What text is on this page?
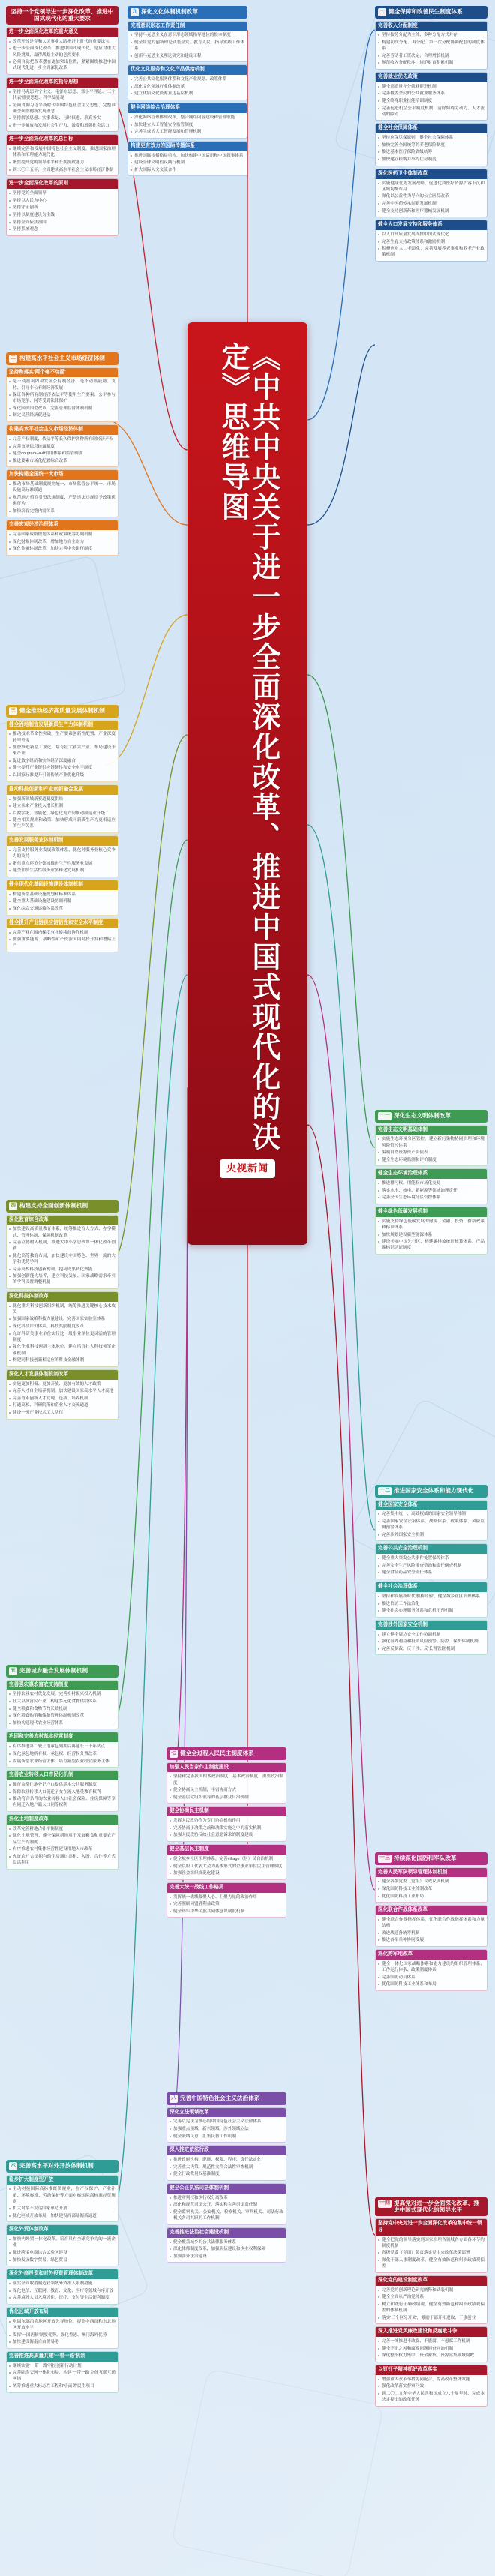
《中共中央关于进一步全面深化改革、推进中国式现代化的决定》思维导图
央视新闻
坚持一个党领导进一步深化改革、推进中国式现代化的重大要求
进一步全面深化改革的重大意义
改革开放是党和人民事业大踏步赶上时代的重要法宝
进一步全面深化改革、推进中国式现代化，是应对重大风险挑战、赢得战略主动的必然要求
必须自觉把改革摆在更加突出位置，紧紧围绕推进中国式现代化进一步全面深化改革
进一步全面深化改革的指导思想
坚持马克思列宁主义、毛泽东思想、邓小平理论、'三个代表'重要思想、科学发展观
全面贯彻习近平新时代中国特色社会主义思想，完整准确全面贯彻新发展理念
坚持解放思想、实事求是、与时俱进、求真务实
进一步解放和发展社会生产力、激发和增强社会活力
进一步全面深化改革的总目标
继续完善和发展中国特色社会主义制度，推进国家治理体系和治理能力现代化
聚焦提高党的领导水平和长期执政能力
到二〇三五年，全面建成高水平社会主义市场经济体制
进一步全面深化改革的原则
坚持党的全面领导
坚持以人民为中心
坚持守正创新
坚持以制度建设为主线
坚持全面依法治国
坚持系统观念
二 构建高水平社会主义市场经济体制
坚持和落实'两个毫不动摇'
毫不动摇巩固和发展公有制经济，毫不动摇鼓励、支持、引导非公有制经济发展
保证各种所有制经济依法平等使用生产要素、公平参与市场竞争、同等受到法律保护
深化国资国企改革，完善管理监督体制机制
制定民营经济促进法
构建高水平社会主义市场经济体制
完善产权制度，依法平等长久保护各种所有制经济产权
完善市场信息披露制度
健全социальный信用体系和监管制度
推进要素市场化配置综合改革
加快构建全国统一大市场
推动市场基础制度规则统一、市场监管公平统一、市场设施高标准联通
规范地方招商引资法规制度，严禁违法违规给予政策优惠行为
加快培育完整内需体系
完善宏观经济治理体系
完善国家战略规划体系和政策统筹协调机制
深化财税体制改革，增加地方自主财力
深化金融体制改革，加快完善中央银行制度
三 健全推动经济高质量发展体制机制
健全因地制宜发展新质生产力体制机制
推动技术革命性突破、生产要素创新性配置、产业深度转型升级
加快推进新型工业化，培育壮大新兴产业、布局建设未来产业
促进数字经济和实体经济深度融合
健全提升产业链供应链韧性和安全水平制度
以国家标准提升引领传统产业优化升级
推动科技创新和产业创新融合发展
加强新领域新赛道制度供给
建立未来产业投入增长机制
以数字化、智能化、绿色化为方向推动制造业升级
健全相关规则和政策，加快形成同新质生产力更相适应的生产关系
完善发展服务业体制机制
完善支持服务业发展政策体系，优化对服务业核心竞争力的支持
聚焦重点环节分领域推进生产性服务业发展
健全加快生活性服务业多样化发展机制
健全现代化基础设施建设体制机制
构建新型基础设施规划和标准体系
健全重大基础设施建设协调机制
深化综合交通运输体系改革
健全提升产业链供应链韧性和安全水平制度
完善产业在国内梯度有序转移的协作机制
加强重要能源、战略性矿产资源国内勘探开发和增储上产
四 构建支持全面创新体制机制
深化教育综合改革
加快建设高质量教育体系，统筹推进育人方式、办学模式、管理体制、保障机制改革
完善立德树人机制，推进大中小学思政课一体化改革创新
优化高等教育布局，加快建设中国特色、世界一流的大学和优势学科
完善高校科技创新机制，提高成果转化效能
加强创新能力培养，建立科技发展、国家战略需求牵引的学科设置调整机制
深化科技体制改革
优化重大科技创新组织机制，统筹推进关键核心技术攻关
加强国家战略科技力量建设，完善国家实验室体系
深化科技评价体系、科技奖励制度改革
允许科研类事业单位实行比一般事业单位更灵活的管理制度
强化企业科技创新主体地位，建立培育壮大科技领军企业机制
构建同科技创新相适应的科技金融体制
深化人才发展体制机制改革
实施更加积极、更加开放、更加有效的人才政策
完善人才自主培养机制，加快建设国家高水平人才高地
完善青年创新人才发现、选拔、培养机制
打通高校、科研院所和企业人才交流通道
建设一流产业技术工人队伍
五 完善城乡融合发展体制机制
完善强农惠农富农支持制度
坚持农业农村优先发展，完善乡村振兴投入机制
壮大县域富民产业，构建多元化食物供给体系
健全粮食和食物节约长效机制
深化粮食购销和储备管理体制机制改革
加快构建现代农业经营体系
巩固和完善农村基本经营制度
有序推进第二轮土地承包到期后再延长三十年试点
深化承包地所有权、承包权、经营权分置改革
发展新型农业经营主体，培育新型农业经营服务主体
完善农业转移人口市民化机制
推行由常住地登记户口提供基本公共服务制度
保障农业转移人口随迁子女在流入地受教育权利
推动符合条件的农业转移人口社会保险、住房保障等享有同迁入地户籍人口同等权利
深化土地制度改革
改革完善耕地占补平衡制度
优化土地管理，健全保障耕地用于发展粮食和重要农产品生产的制度
有序推进农村集体经营性建设用地入市改革
允许农户合法拥有的住房通过出租、入股、合作等方式盘活利用
六 完善高水平对外开放体制机制
稳步扩大制度型开放
主动对接国际高标准经贸规则，在产权保护、产业补贴、环境标准、劳动保护等方面对标国际高标准经贸规则
扩大对最不发达国家单边开放
优化区域开放布局，加快建设西部陆海新通道
深化外贸体制改革
加快内外贸一体化改革，培育具有全球竞争力的一流企业
推进跨境电商综合试验区建设
加快发展数字贸易、绿色贸易
深化外商投资和对外投资管理体制改革
落实全面取消制造业领域外资准入限制措施
深化电信、互联网、教育、文化、医疗等领域有序开放
完善境外人员入境居住、医疗、支付等生活便利制度
优化区域开放布局
巩固东部沿海地区开放先导地位，提高中西部和东北地区开放水平
发挥'一国两制'制度优势，强化香港、澳门海外优势
加快建设海南自由贸易港
完善推进高质量共建'一带一路'机制
继续实施'一带一路'科技创新行动计划
完善陆海天网一体化布局，构建'一带一路'立体互联互通网络
统筹推进重大标志性工程和'小而美'民生项目
七 健全全过程人民民主制度体系
加强人民当家作主制度建设
坚持和完善我国根本政治制度、基本政治制度、重要政治制度
健全协商民主机制，丰富协商方式
健全基层党组织领导的基层群众自治机制
健全协商民主机制
发挥人民政协作为专门协商机构作用
完善协商于决策之前和决策实施之中的落实机制
加强人民政协反映社会意愿诉求的制度建设
健全基层民主制度
健全城乡社区治理体系，完善village（居）民自治机制
健全以职工代表大会为基本形式的企事业单位民主管理制度
加强社会组织规范化建设
完善大统一战线工作格局
发挥统一战线凝聚人心、汇聚力量的政治作用
完善照顾同盟者利益政策
健全铸牢中华民族共同体意识制度机制
八 完善中国特色社会主义法治体系
深化立法领域改革
完善以宪法为核心的中国特色社会主义法律体系
加强重点领域、新兴领域、涉外领域立法
健全吸纳民意、汇集民智工作机制
深入推进依法行政
推进政府机构、职能、权限、程序、责任法定化
完善重大决策、规范性文件合法性审查机制
健全行政裁量权基准制度
健全公正执法司法体制机制
推进审判权和执行权分离改革
深化和规范司法公开，落实和完善司法责任制
健全监察机关、公安机关、检察机关、审判机关、司法行政机关各司其职的工作机制
完善推进法治社会建设机制
健全覆盖城乡的公共法律服务体系
深化律师制度改革，加强队伍建设和执业权利保障
加强涉外法治建设
九 深化文化体制机制改革
完善意识形态工作责任制
坚持马克思主义在意识形态领域指导地位的根本制度
健全用党的创新理论武装全党、教育人民、指导实践工作体系
创新马克思主义理论研究和建设工程
优化文化服务和文化产品供给机制
完善公共文化服务体系和文化产业规划、政策体系
深化文化领域行业体制改革
建立优质文化资源直达基层机制
健全网络综合治理体系
深化网络管理体制改革，整合网络内容建设和管理职能
加快建立人工智能安全监管制度
完善生成式人工智能发展和管理机制
构建更有效力的国际传播体系
推进国际传播格局重构，加快构建中国话语和中国叙事体系
建设全球文明倡议践行机制
扩大国际人文交流合作
十 健全保障和改善民生制度体系
完善收入分配制度
坚持按劳分配为主体、多种分配方式并存
构建初次分配、再分配、第三次分配协调配套的制度体系
完善劳动者工资决定、合理增长机制
规范收入分配秩序，规范财富积累机制
完善就业优先政策
健全高质量充分就业促进机制
完善覆盖全民的公共就业服务体系
健全终身职业技能培训制度
完善促进机会公平制度机制，清除妨碍劳动力、人才流动的障碍
健全社会保障体系
坚持应保尽保原则，健全社会保障体系
加快完善全国统筹的养老保险制度
推进基本医疗保险省级统筹
加快建立租购并举的住房制度
深化医药卫生体制改革
实施健康优先发展战略，促进优质医疗资源扩容下沉和区域均衡布局
深化以公益性为导向的公立医院改革
完善中医药传承创新发展机制
健全支持创新药和医疗器械发展机制
健全人口发展支持和服务体系
以人口高质量发展支撑中国式现代化
完善生育支持政策体系和激励机制
积极应对人口老龄化，完善发展养老事业和养老产业政策机制
十一 深化生态文明体制改革
完善生态文明基础体制
实施生态环境分区管控，建立新污染物协同治理和环境风险管控体系
编制自然资源资产负债表
健全生态环境监测和评价制度
健全生态环境治理体系
推进排污权、用能权市场化交易
落实水电、核电、新能源等领域治理责任
完善全国生态环境分区管控体系
健全绿色低碳发展机制
实施支持绿色低碳发展的财税、金融、投资、价格政策和标准体系
加快规划建设新型能源体系
建设美丽中国先行区，构建碳排放统计核算体系、产品碳标识认证制度
十二 推进国家安全体系和能力现代化
健全国家安全体系
完善集中统一、高效权威的国家安全领导体制
完善国家安全法治体系、战略体系、政策体系、风险监测预警体系
完善涉外国家安全机制
完善公共安全治理机制
健全重大突发公共事件处置保障体系
完善安全生产风险排查整治和责任倒查机制
健全食品药品安全责任体系
健全社会治理体系
坚持和发展新时代'枫桥经验'，健全城乡社区治理体系
推进信访工作法治化
健全社会心理服务体系和危机干预机制
完善涉外国家安全机制
建立健全周边安全工作协调机制
强化海外利益和投资风险预警、防控、保护体制机制
完善反制裁、反干涉、反'长臂管辖'机制
十三 持续深化国防和军队改革
完善人民军队领导管理体制机制
健全各级党委（党组）议战议训机制
深化国防科技工业体制改革
优化国防科技工业布局
深化联合作战体系改革
健全联合作战指挥体系，优化联合作战指挥体系和力量结构
改进战建备统筹机制
推进各军兵种协同发展
深化跨军地改革
健全一体化国家战略体系和能力建设的组织管理体系、工作运行体系、政策制度体系
完善国防动员体系
优化国防科技工业体系和布局
十四 提高党对进一步全面深化改革、推进中国式现代化的领导水平
坚持党中央对进一步全面深化改革的集中统一领导
健全把党的领导落实到国家治理各领域各方面各环节的制度机制
各级党委（党组）负责落实党中央改革决策部署
深化干部人事制度改革，健全有效防范和纠治政绩观偏差
深化党的建设制度改革
完善党的创新理论研究阐释和武装机制
健全全面从严治党体系
树立和践行正确政绩观，健全有效防范和纠治政绩观偏差的体制机制
落实'三个区分开来'，激励干部开拓进取、干事创业
深入推进党风廉政建设和反腐败斗争
完善一体推进不敢腐、不能腐、不想腐工作机制
健全不正之风和腐败问题同查同治机制
深化整治权力集中、资金密集、资源富集领域腐败
以钉钉子精神抓好改革落实
增强重大改革举措协同配合，提高改革整体效能
强化改革落实督察问效
到二〇二九年中华人民共和国成立八十周年时，完成本决定提出的改革任务
